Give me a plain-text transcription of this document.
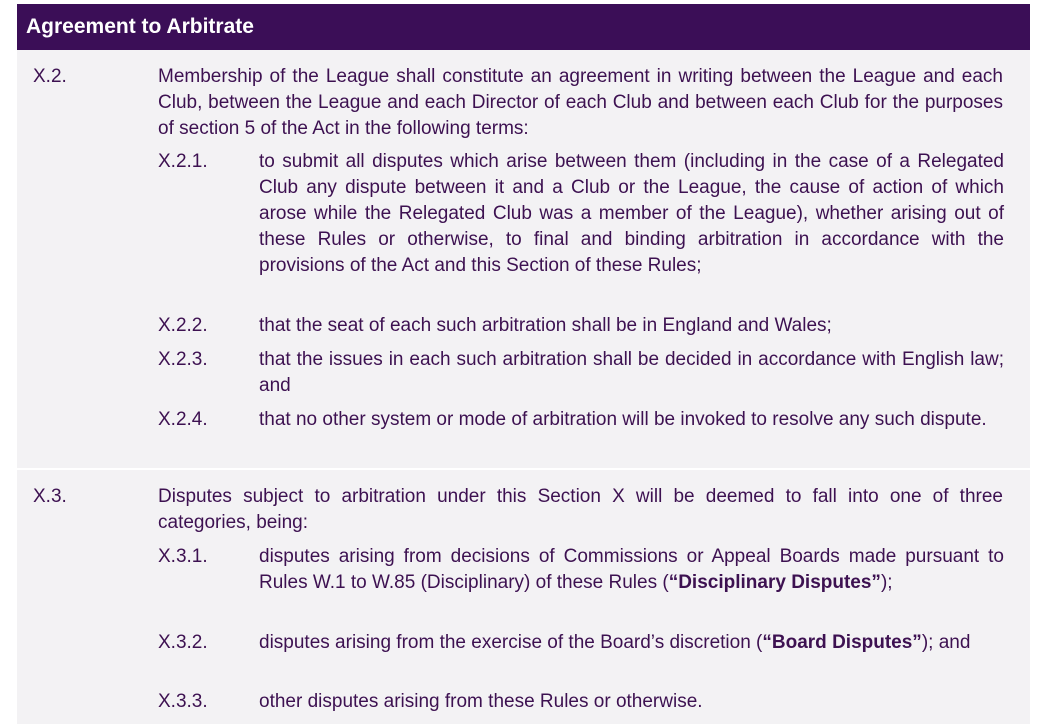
Agreement to Arbitrate
X.2.	Membership of the League shall constitute an agreement in writing between the League and each Club, between the League and each Director of each Club and between each Club for the purposes of section 5 of the Act in the following terms:
X.2.1.	to submit all disputes which arise between them (including in the case of a Relegated Club any dispute between it and a Club or the League, the cause of action of which arose while the Relegated Club was a member of the League), whether arising out of these Rules or otherwise, to final and binding arbitration in accordance with the provisions of the Act and this Section of these Rules;
X.2.2.	that the seat of each such arbitration shall be in England and Wales;
X.2.3.	that the issues in each such arbitration shall be decided in accordance with English law; and
X.2.4.	that no other system or mode of arbitration will be invoked to resolve any such dispute.
X.3.	Disputes subject to arbitration under this Section X will be deemed to fall into one of three categories, being:
X.3.1.	disputes arising from decisions of Commissions or Appeal Boards made pursuant to Rules W.1 to W.85 (Disciplinary) of these Rules (“Disciplinary Disputes”);
X.3.2.	disputes arising from the exercise of the Board’s discretion (“Board Disputes”); and
X.3.3.	other disputes arising from these Rules or otherwise.
